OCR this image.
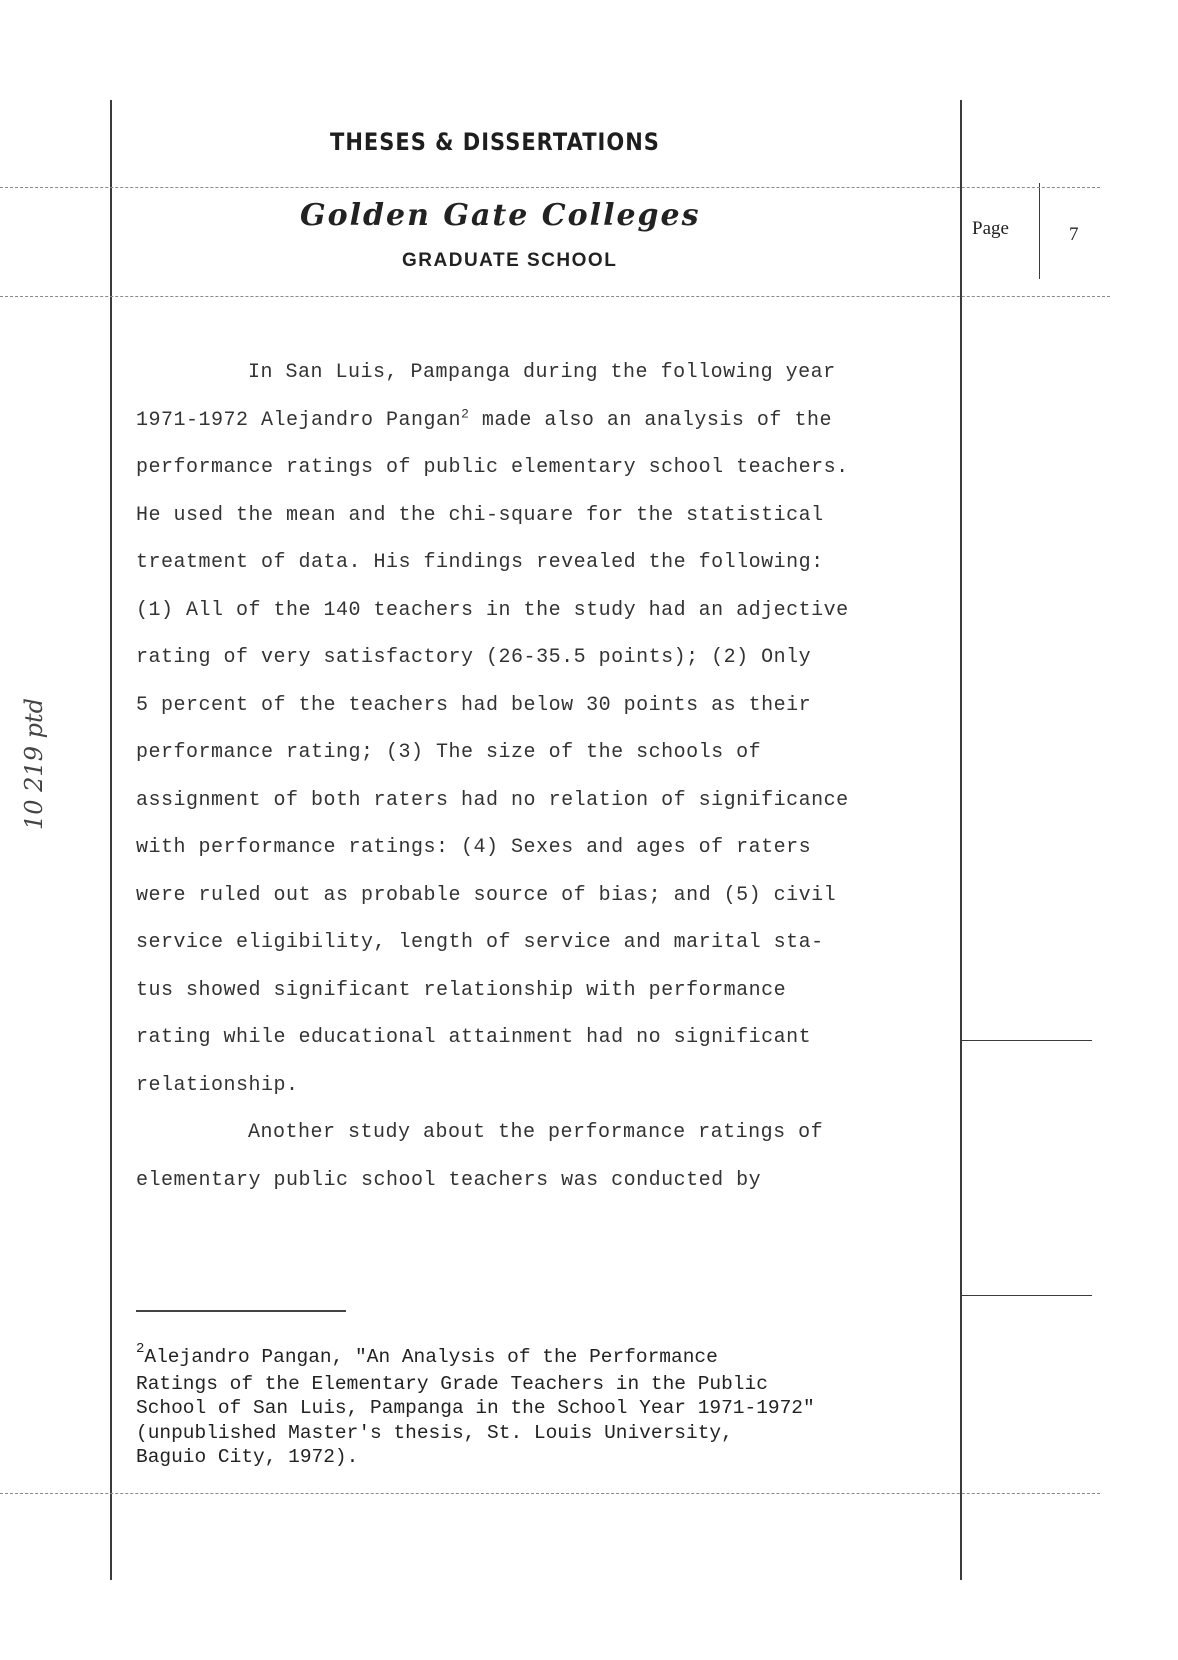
THESES & DISSERTATIONS
Golden Gate Colleges
GRADUATE SCHOOL
Page	7

In San Luis, Pampanga during the following year

1971-1972 Alejandro Pangan$^2$ made also an analysis of the

performance ratings of public elementary school teachers.

He used the mean and the chi-square for the statistical

treatment of data. His findings revealed the following:

(1) All of the 140 teachers in the study had an adjective

rating of very satisfactory (26-35.5 points); (2) Only

5 percent of the teachers had below 30 points as their

performance rating; (3) The size of the schools of

assignment of both raters had no relation of significance

with performance ratings: (4) Sexes and ages of raters

were ruled out as probable source of bias; and (5) civil

service eligibility, length of service and marital sta-

tus showed significant relationship with performance

rating while educational attainment had no significant

relationship.

Another study about the performance ratings of

elementary public school teachers was conducted by

$^2$Alejandro Pangan, "An Analysis of the Performance
Ratings of the Elementary Grade Teachers in the Public
School of San Luis, Pampanga in the School Year 1971-1972"
(unpublished Master's thesis, St. Louis University,
Baguio City, 1972).
10 219 ptd
